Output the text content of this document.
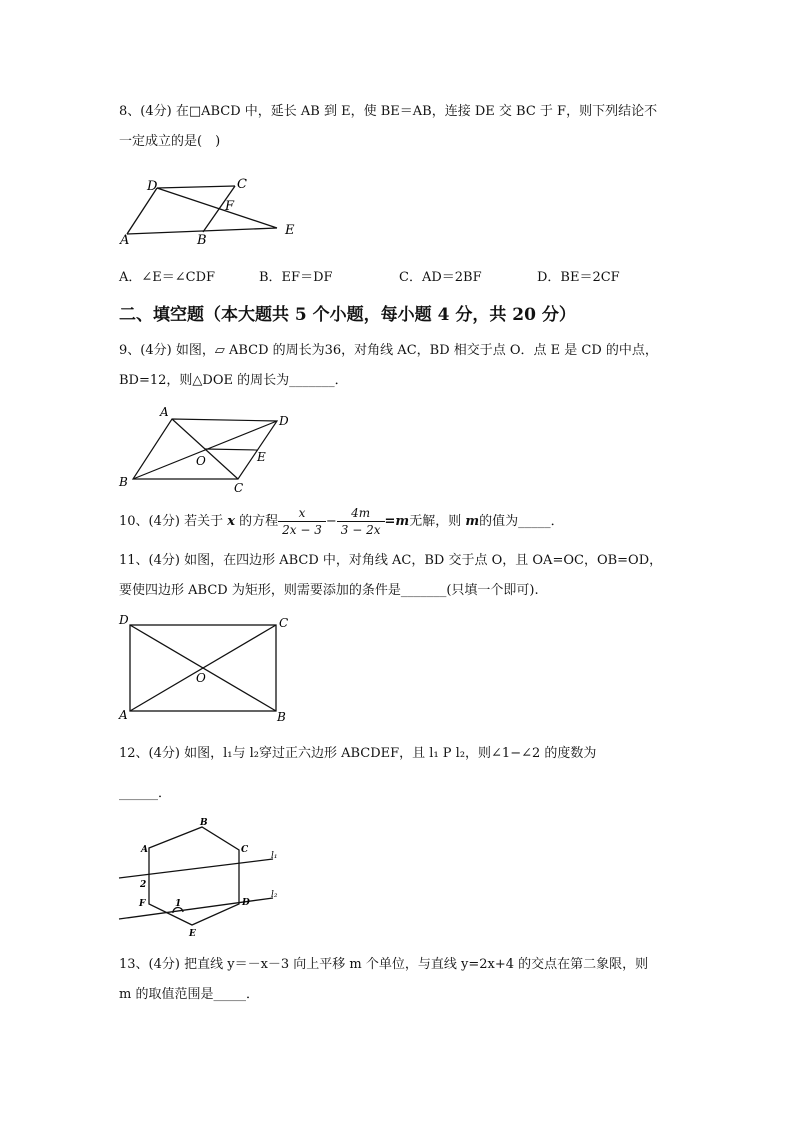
8、(4分) 在□ABCD 中，延长 AB 到 E，使 BE＝AB，连接 DE 交 BC 于 F，则下列结论不
一定成立的是(　)
D	C
F
A	B
E
A．∠E＝∠CDF	B．EF＝DF	C．AD＝2BF	D．BE＝2CF
二、填空题（本大题共 5 个小题，每小题 4 分，共 20 分）
9、(4分) 如图，▱ ABCD 的周长为36，对角线 AC，BD 相交于点 O．点 E 是 CD 的中点，
BD=12，则△DOE 的周长为_______．
A
D
O	E
B	C
10、(4分) 若关于 x 的方程 $\frac{x}{2x - 3} - \frac{4m}{3 - 2x} =m$无解，则 m的值为_____．
11、(4分) 如图，在四边形 ABCD 中，对角线 AC，BD 交于点 O，且 OA=OC，OB=OD，
要使四边形 ABCD 为矩形，则需要添加的条件是_______(只填一个即可).
D	C
O
A	B
12、(4分) 如图，l₁与 l₂穿过正六边形 ABCDEF，且 l₁ P l₂，则∠1−∠2 的度数为
______．
A
B
C
D
E
F
l₁
l₂
1
2
13、(4分) 把直线 y＝－x－3 向上平移 m 个单位，与直线 y=2x+4 的交点在第二象限，则
m 的取值范围是_____．
